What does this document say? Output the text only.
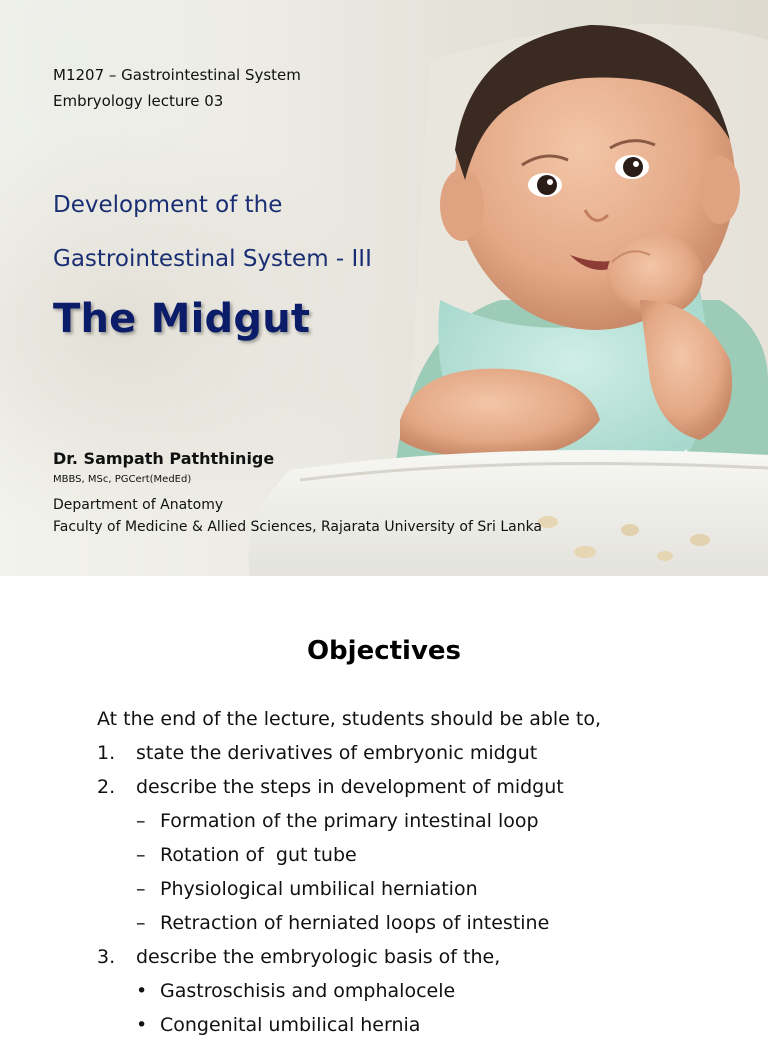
M1207 – Gastrointestinal System
Embryology lecture 03
Development of the
Gastrointestinal System - III
The Midgut
Dr. Sampath Paththinige
MBBS, MSc, PGCert(MedEd)
Department of Anatomy
Faculty of Medicine & Allied Sciences, Rajarata University of Sri Lanka
Objectives
At the end of the lecture, students should be able to,
1. state the derivatives of embryonic midgut
2. describe the steps in development of midgut
– Formation of the primary intestinal loop
– Rotation of  gut tube
– Physiological umbilical herniation
– Retraction of herniated loops of intestine
3. describe the embryologic basis of the,
• Gastroschisis and omphalocele
• Congenital umbilical hernia
